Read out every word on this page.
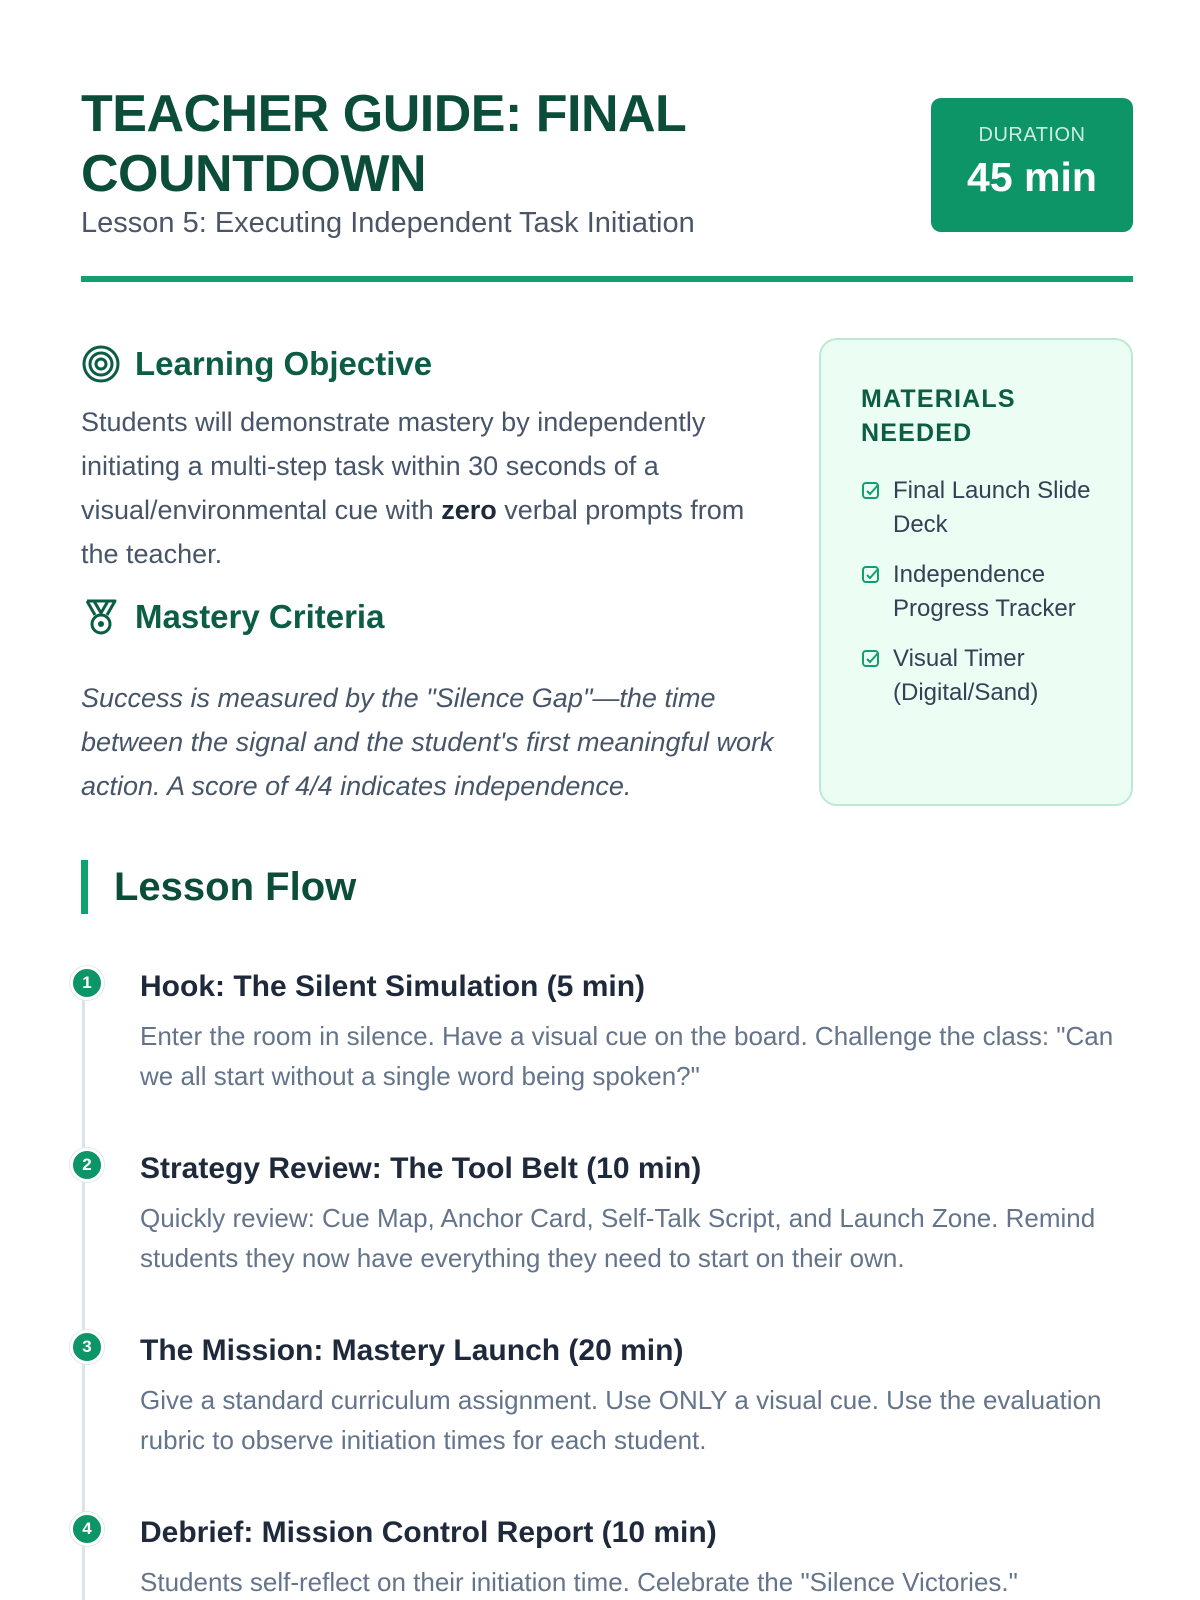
TEACHER GUIDE: FINAL COUNTDOWN
Lesson 5: Executing Independent Task Initiation
DURATION
45 min
Learning Objective

Students will demonstrate mastery by independently initiating a multi-step task within 30 seconds of a visual/environmental cue with zero verbal prompts from the teacher.

Mastery Criteria

Success is measured by the "Silence Gap"—the time between the signal and the student's first meaningful work action. A score of 4/4 indicates independence.

MATERIALS NEEDED
Final Launch Slide Deck
Independence Progress Tracker
Visual Timer (Digital/Sand)
Lesson Flow
1	Hook: The Silent Simulation (5 min)
Enter the room in silence. Have a visual cue on the board. Challenge the class: "Can we all start without a single word being spoken?"
2	Strategy Review: The Tool Belt (10 min)
Quickly review: Cue Map, Anchor Card, Self-Talk Script, and Launch Zone. Remind students they now have everything they need to start on their own.
3	The Mission: Mastery Launch (20 min)
Give a standard curriculum assignment. Use ONLY a visual cue. Use the evaluation rubric to observe initiation times for each student.
4	Debrief: Mission Control Report (10 min)
Students self-reflect on their initiation time. Celebrate the "Silence Victories."
